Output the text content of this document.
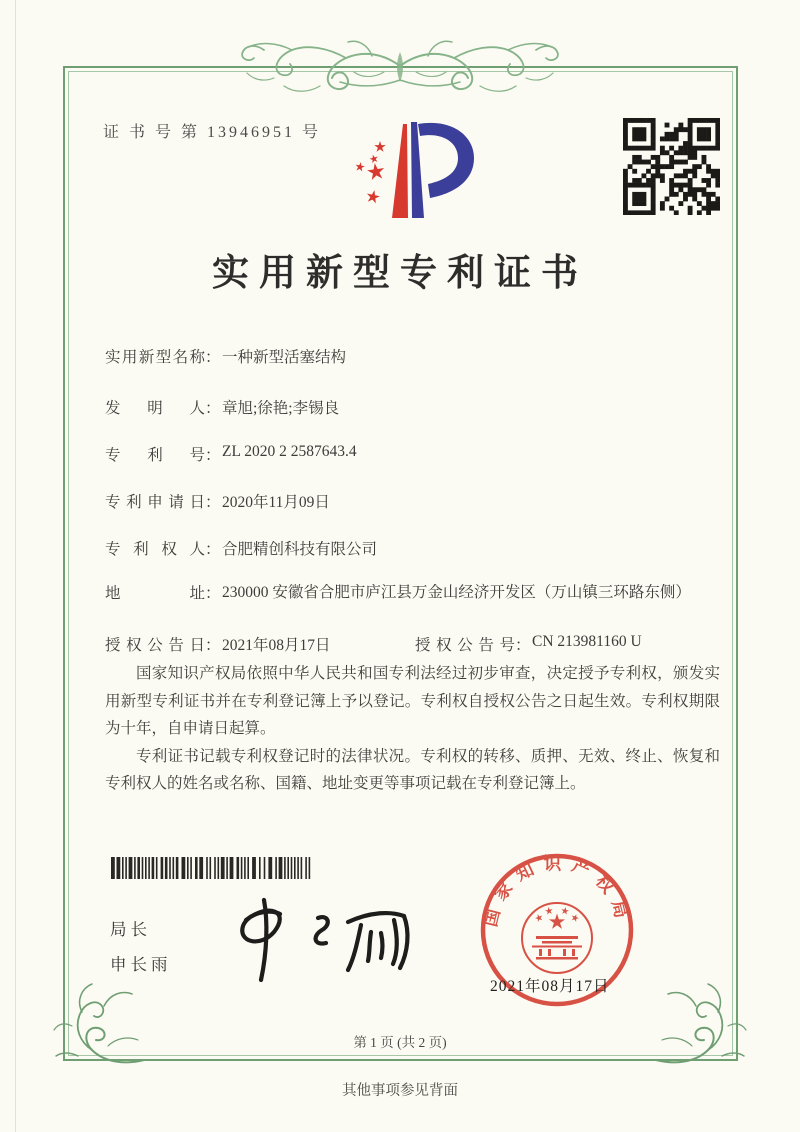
证 书 号 第 13946951 号
实用新型专利证书
实用新型名称：一种新型活塞结构
发明人：章旭;徐艳;李锡良
专利号：ZL 2020 2 2587643.4
专利申请日：2020年11月09日
专利权人：合肥精创科技有限公司
地址：230000 安徽省合肥市庐江县万金山经济开发区（万山镇三环路东侧）
授权公告日：2021年08月17日	授权公告号：CN 213981160 U

国家知识产权局依照中华人民共和国专利法经过初步审查，决定授予专利权，颁发实用新型专利证书并在专利登记簿上予以登记。专利权自授权公告之日起生效。专利权期限为十年，自申请日起算。

专利证书记载专利权登记时的法律状况。专利权的转移、质押、无效、终止、恢复和专利权人的姓名或名称、国籍、地址变更等事项记载在专利登记簿上。

局长
申长雨
国家知识产权局
2021年08月17日
第 1 页 (共 2 页)
其他事项参见背面
